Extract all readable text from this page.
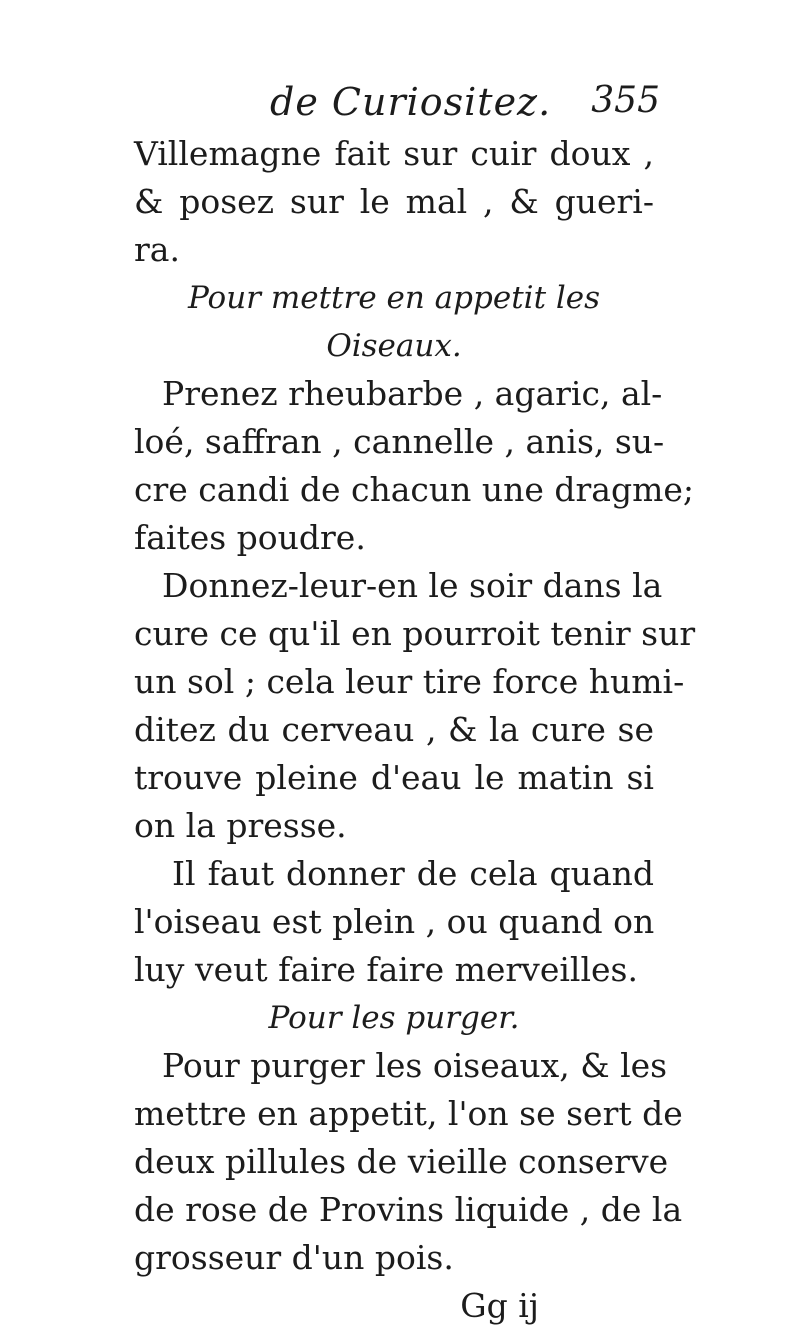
de Curiositez. 355
Villemagne fait sur cuir doux ,
& posez sur le mal , & gueri-
ra.
Pour mettre en appetit les
Oiseaux.
Prenez rheubarbe , agaric, al-
loé, saffran , cannelle , anis, su-
cre candi de chacun une dragme;
faites poudre.
Donnez-leur-en le soir dans la
cure ce qu'il en pourroit tenir sur
un sol ; cela leur tire force humi-
ditez du cerveau , & la cure se
trouve pleine d'eau le matin si
on la presse.
Il faut donner de cela quand
l'oiseau est plein , ou quand on
luy veut faire faire merveilles.
Pour les purger.
Pour purger les oiseaux, & les
mettre en appetit, l'on se sert de
deux pillules de vieille conserve
de rose de Provins liquide , de la
grosseur d'un pois.
Gg ij
